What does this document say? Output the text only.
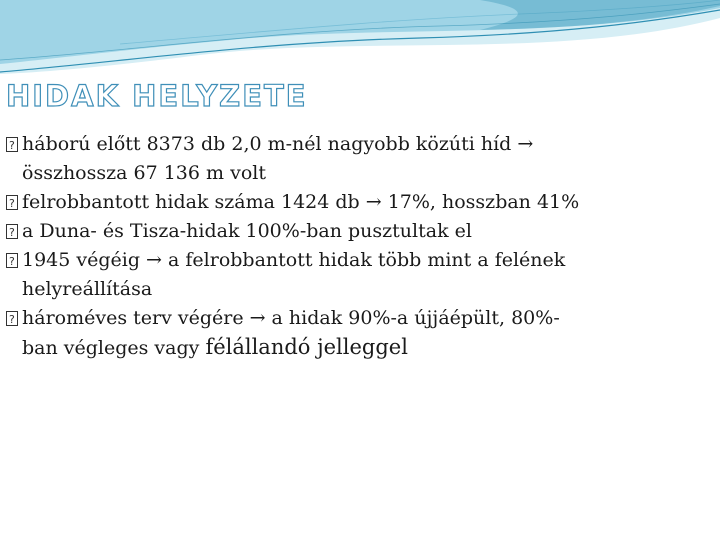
HIDAK HELYZETE
?
háború előtt 8373 db 2,0 m-nél nagyobb közúti híd →
összhossza 67 136 m volt
?
felrobbantott hidak száma 1424 db → 17%, hosszban 41%
?
a Duna- és Tisza-hidak 100%-ban pusztultak el
?
1945 végéig → a felrobbantott hidak több mint a felének
helyreállítása
?
hároméves terv végére → a hidak 90%-a újjáépült, 80%-
ban végleges vagy félállandó jelleggel
